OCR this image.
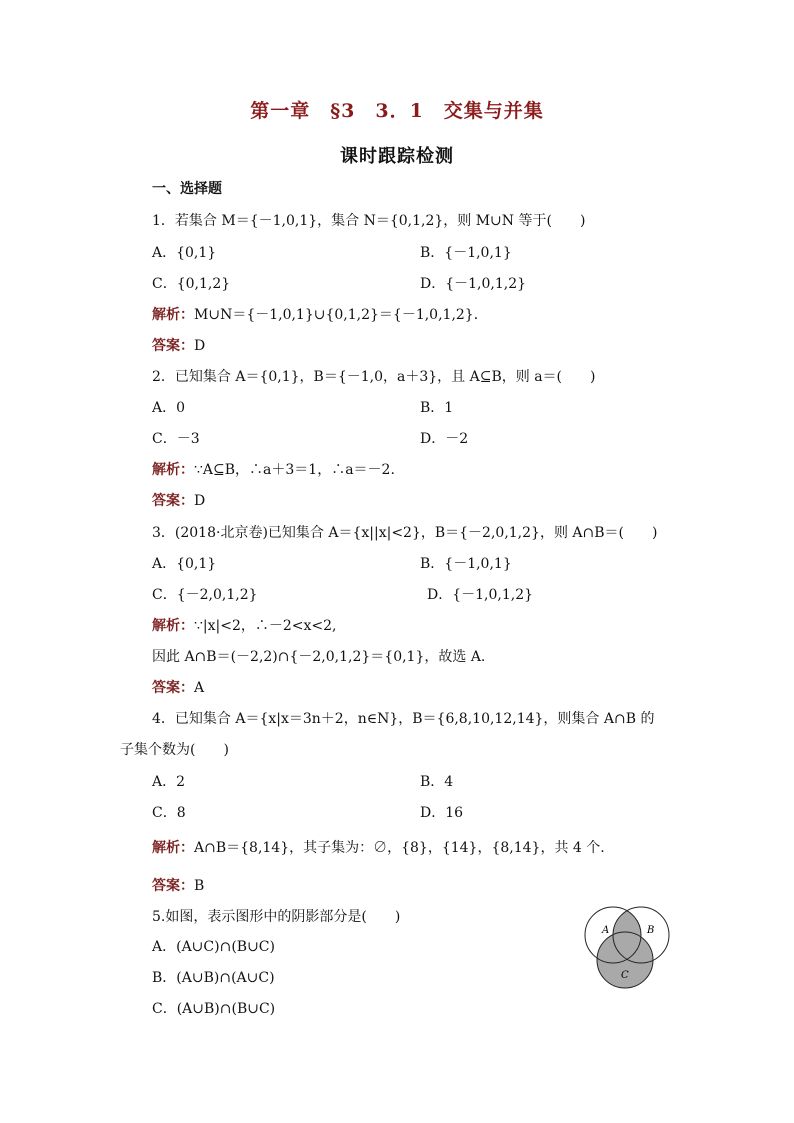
第一章　§3　3．1　交集与并集
课时跟踪检测
一、选择题
1．若集合 M＝{－1,0,1}，集合 N＝{0,1,2}，则 M∪N 等于(　　)
A．{0,1}	B．{－1,0,1}
C．{0,1,2}	D．{－1,0,1,2}
解析：M∪N＝{－1,0,1}∪{0,1,2}＝{－1,0,1,2}．
答案：D
2．已知集合 A＝{0,1}，B＝{－1,0，a＋3}，且 A⊆B，则 a＝(　　)
A．0	B．1
C．－3	D．－2
解析：∵A⊆B，∴a＋3＝1，∴a＝－2.
答案：D
3．(2018·北京卷)已知集合 A＝{x||x|<2}，B＝{－2,0,1,2}，则 A∩B＝(　　)
A．{0,1}	B．{－1,0,1}
C．{－2,0,1,2}	D．{－1,0,1,2}
解析：∵|x|<2，∴－2<x<2,
因此 A∩B＝(－2,2)∩{－2,0,1,2}＝{0,1}，故选 A.
答案：A
4．已知集合 A＝{x|x＝3n＋2，n∈N}，B＝{6,8,10,12,14}，则集合 A∩B 的
子集个数为(　　)
A．2	B．4
C．8	D．16
解析：A∩B＝{8,14}，其子集为：∅，{8}，{14}，{8,14}，共 4 个.
答案：B
5.如图，表示图形中的阴影部分是(　　)
A．(A∪C)∩(B∪C)
B．(A∪B)∩(A∪C)
C．(A∪B)∩(B∪C)
A	B
C
